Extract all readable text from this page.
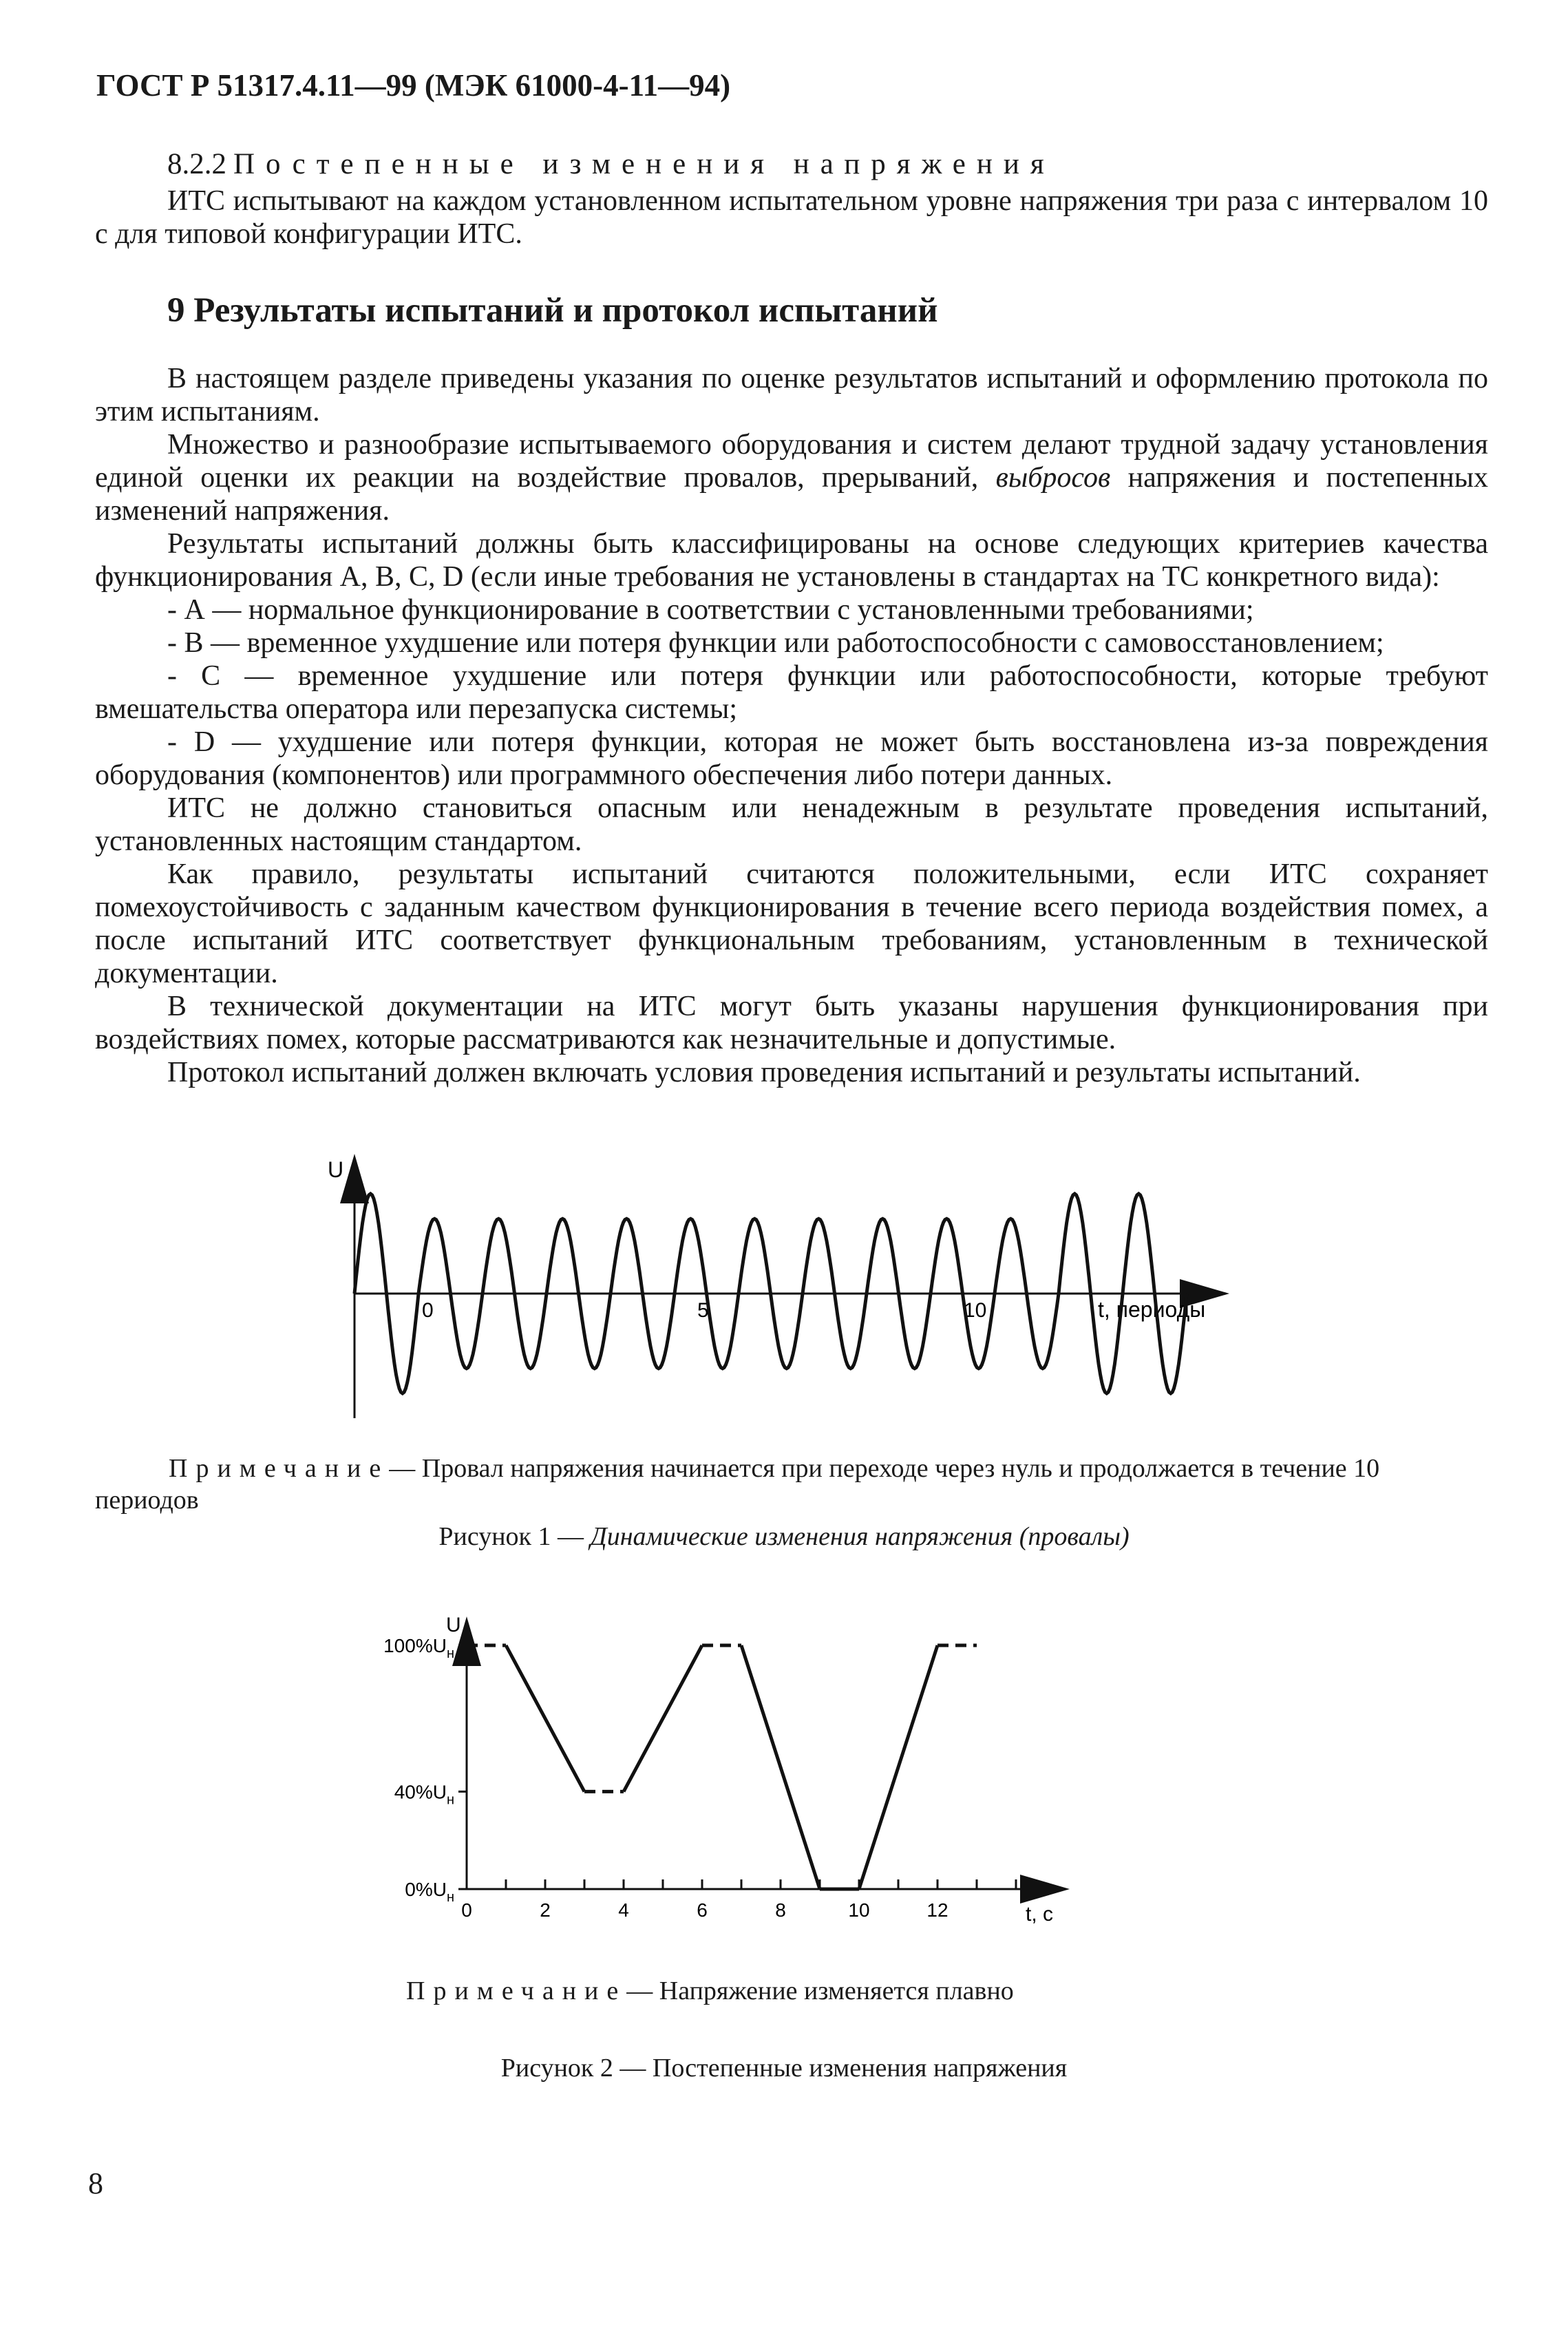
ГОСТ Р 51317.4.11—99 (МЭК 61000-4-11—94)
8.2.2 Постепенные изменения напряжения
ИТС испытывают на каждом установленном испытательном уровне напряжения три раза с интервалом 10 с для типовой конфигурации ИТС.
9 Результаты испытаний и протокол испытаний

В настоящем разделе приведены указания по оценке результатов испытаний и оформлению протокола по этим испытаниям.

Множество и разнообразие испытываемого оборудования и систем делают трудной задачу установления единой оценки их реакции на воздействие провалов, прерываний, выбросов напряжения и постепенных изменений напряжения.

Результаты испытаний должны быть классифицированы на основе следующих критериев качества функционирования А, В, С, D (если иные требования не установлены в стандартах на ТС конкретного вида):

- А — нормальное функционирование в соответствии с установленными требованиями;

- В — временное ухудшение или потеря функции или работоспособности с самовосстановлением;

- С — временное ухудшение или потеря функции или работоспособности, которые требуют вмешательства оператора или перезапуска системы;

- D — ухудшение или потеря функции, которая не может быть восстановлена из-за повреждения оборудования (компонентов) или программного обеспечения либо потери данных.

ИТС не должно становиться опасным или ненадежным в результате проведения испытаний, установленных настоящим стандартом.

Как правило, результаты испытаний считаются положительными, если ИТС сохраняет помехоустойчивость с заданным качеством функционирования в течение всего периода воздействия помех, а после испытаний ИТС соответствует функциональным требованиям, установленным в технической документации.

В технической документации на ИТС могут быть указаны нарушения функционирования при воздействиях помех, которые рассматриваются как незначительные и допустимые.

Протокол испытаний должен включать условия проведения испытаний и результаты испытаний.

U
t, периоды
0	5	10
Примечание— Провал напряжения начинается при переходе через нуль и продолжается в течение 10 периодов
Рисунок 1 — Динамические изменения напряжения (провалы)
U
t, с
$100\%U_н$
$40\%U_н$
$0\%U_н$
0	2	4	6	8	10	12
Примечание— Напряжение изменяется плавно
Рисунок 2 — Постепенные изменения напряжения
8
